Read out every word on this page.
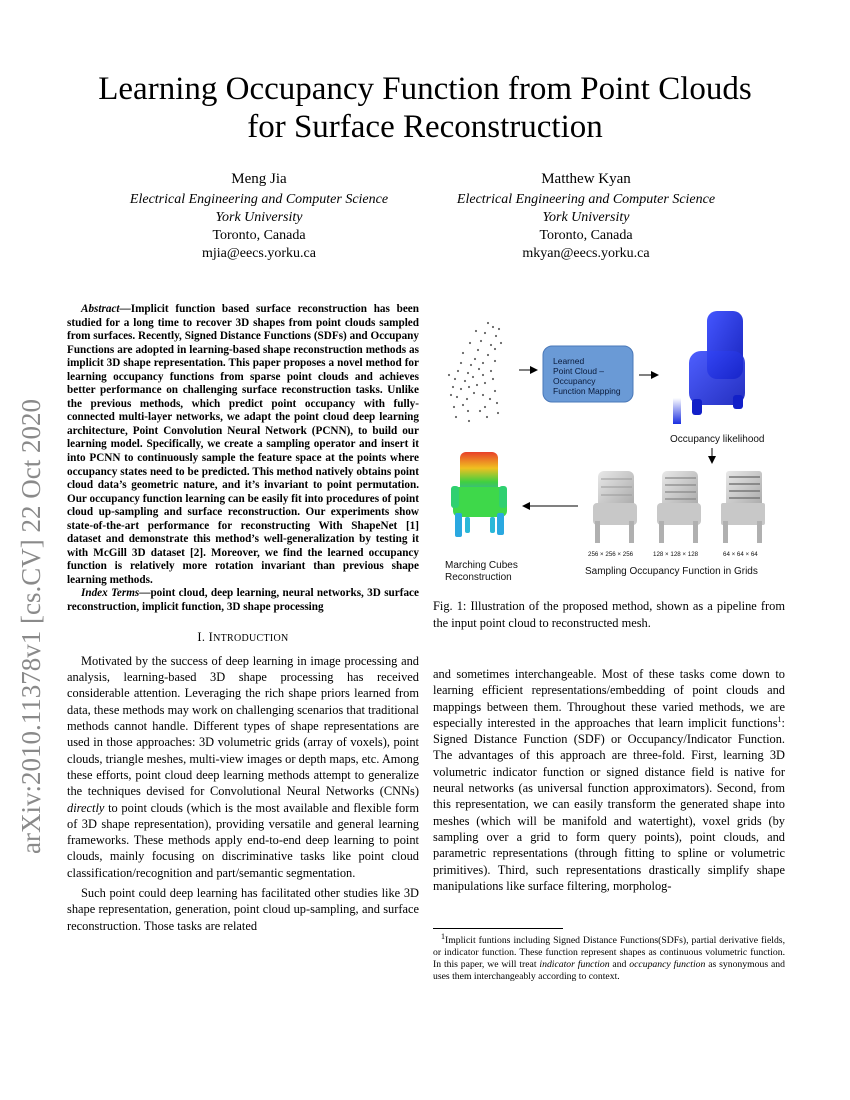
arXiv:2010.11378v1 [cs.CV] 22 Oct 2020
Learning Occupancy Function from Point Clouds
for Surface Reconstruction
Meng Jia
Electrical Engineering and Computer Science
York University
Toronto, Canada
mjia@eecs.yorku.ca
Matthew Kyan
Electrical Engineering and Computer Science
York University
Toronto, Canada
mkyan@eecs.yorku.ca

Abstract—Implicit function based surface reconstruction has been studied for a long time to recover 3D shapes from point clouds sampled from surfaces. Recently, Signed Distance Functions (SDFs) and Occupany Functions are adopted in learning-based shape reconstruction methods as implicit 3D shape representation. This paper proposes a novel method for learning occupancy functions from sparse point clouds and achieves better performance on challenging surface reconstruction tasks. Unlike the previous methods, which predict point occupancy with fully-connected multi-layer networks, we adapt the point cloud deep learning architecture, Point Convolution Neural Network (PCNN), to build our learning model. Specifically, we create a sampling operator and insert it into PCNN to continuously sample the feature space at the points where occupancy states need to be predicted. This method natively obtains point cloud data’s geometric nature, and it’s invariant to point permutation. Our occupancy function learning can be easily fit into procedures of point cloud up-sampling and surface reconstruction. Our experiments show state-of-the-art performance for reconstructing With ShapeNet [1] dataset and demonstrate this method’s well-generalization by testing it with McGill 3D dataset [2]. Moreover, we find the learned occupancy function is relatively more rotation invariant than previous shape learning methods.

Index Terms—point cloud, deep learning, neural networks, 3D surface reconstruction, implicit function, 3D shape processing

I. INTRODUCTION

Motivated by the success of deep learning in image processing and analysis, learning-based 3D shape processing has received considerable attention. Leveraging the rich shape priors learned from data, these methods may work on challenging scenarios that traditional methods cannot handle. Different types of shape representations are used in those approaches: 3D volumetric grids (array of voxels), point clouds, triangle meshes, multi-view images or depth maps, etc. Among these efforts, point cloud deep learning methods attempt to generalize the techniques devised for Convolutional Neural Networks (CNNs) directly to point clouds (which is the most available and flexible form of 3D shape representation), providing versatile and general learning frameworks. These methods apply end-to-end deep learning to point clouds, mainly focusing on discriminative tasks like point cloud classification/recognition and part/semantic segmentation.

Such point could deep learning has facilitated other studies like 3D shape representation, generation, point cloud up-sampling, and surface reconstruction. Those tasks are related

Learned
Point Cloud –
Occupancy
Function Mapping
Occupancy likelihood
Marching Cubes
Reconstruction
256 × 256 × 256	128 × 128 × 128	64 × 64 × 64
Sampling Occupancy Function in Grids
Fig. 1: Illustration of the proposed method, shown as a pipeline from the input point cloud to reconstructed mesh.

and sometimes interchangeable. Most of these tasks come down to learning efficient representations/embedding of point clouds and mappings between them. Throughout these varied methods, we are especially interested in the approaches that learn implicit functions$^1$: Signed Distance Function (SDF) or Occupancy/Indicator Function. The advantages of this approach are three-fold. First, learning 3D volumetric indicator function or signed distance field is native for neural networks (as universal function approximators). Second, from this representation, we can easily transform the generated shape into meshes (which will be manifold and watertight), voxel grids (by sampling over a grid to form query points), point clouds, and parametric representations (through fitting to spline or volumetric primitives). Third, such representations drastically simplify shape manipulations like surface filtering, morpholog-

$^1$Implicit funtions including Signed Distance Functions(SDFs), partial derivative fields, or indicator function. These function represent shapes as continuous volumetric function. In this paper, we will treat indicator function and occupancy function as synonymous and uses them interchangeably according to context.
